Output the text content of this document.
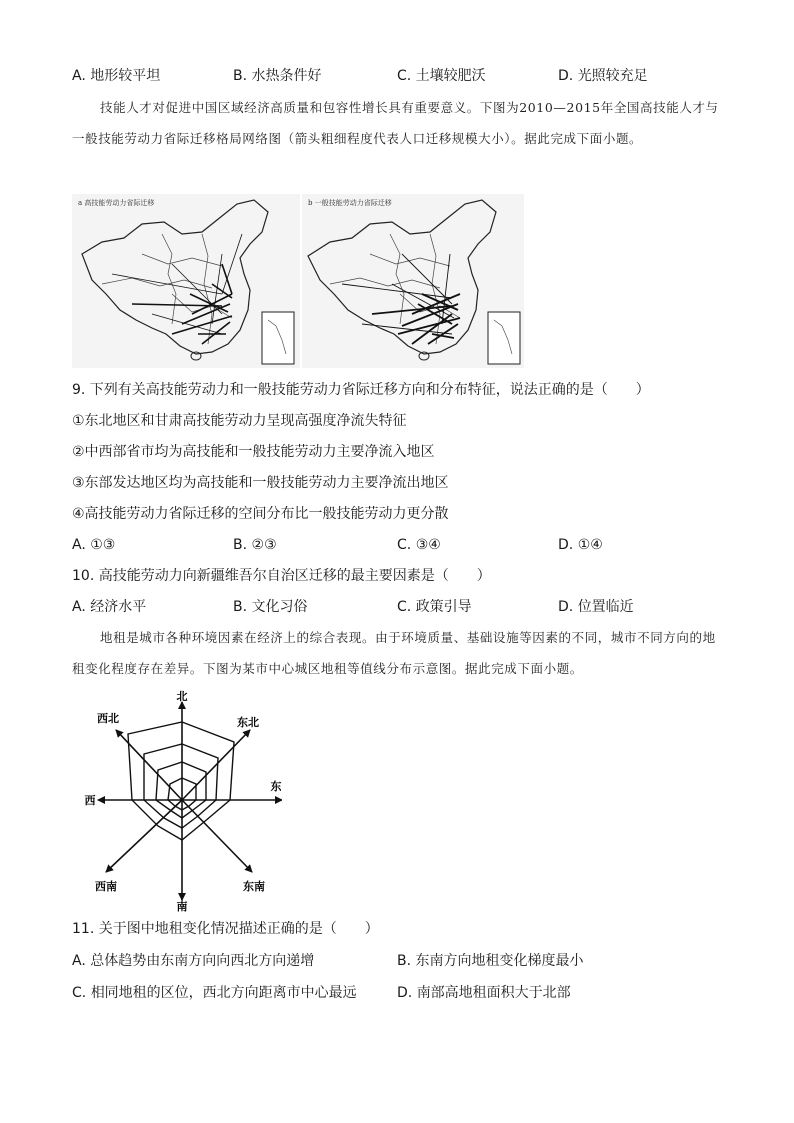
A. 地形较平坦	B. 水热条件好	C. 土壤较肥沃	D. 光照较充足
技能人才对促进中国区域经济高质量和包容性增长具有重要意义。下图为2010—2015年全国高技能人才与一般技能劳动力省际迁移格局网络图（箭头粗细程度代表人口迁移规模大小）。据此完成下面小题。
a 高技能劳动力省际迁移	b 一般技能劳动力省际迁移
9. 下列有关高技能劳动力和一般技能劳动力省际迁移方向和分布特征，说法正确的是（　　）
①东北地区和甘肃高技能劳动力呈现高强度净流失特征
②中西部省市均为高技能和一般技能劳动力主要净流入地区
③东部发达地区均为高技能和一般技能劳动力主要净流出地区
④高技能劳动力省际迁移的空间分布比一般技能劳动力更分散
A. ①③	B. ②③	C. ③④	D. ①④
10. 高技能劳动力向新疆维吾尔自治区迁移的最主要因素是（　　）
A. 经济水平	B. 文化习俗	C. 政策引导	D. 位置临近
地租是城市各种环境因素在经济上的综合表现。由于环境质量、基础设施等因素的不同，城市不同方向的地租变化程度存在差异。下图为某市中心城区地租等值线分布示意图。据此完成下面小题。
北
东北
西北
西
东
西南	东南
南
11. 关于图中地租变化情况描述正确的是（　　）
A. 总体趋势由东南方向向西北方向递增	B. 东南方向地租变化梯度最小
C. 相同地租的区位，西北方向距离市中心最远	D. 南部高地租面积大于北部
